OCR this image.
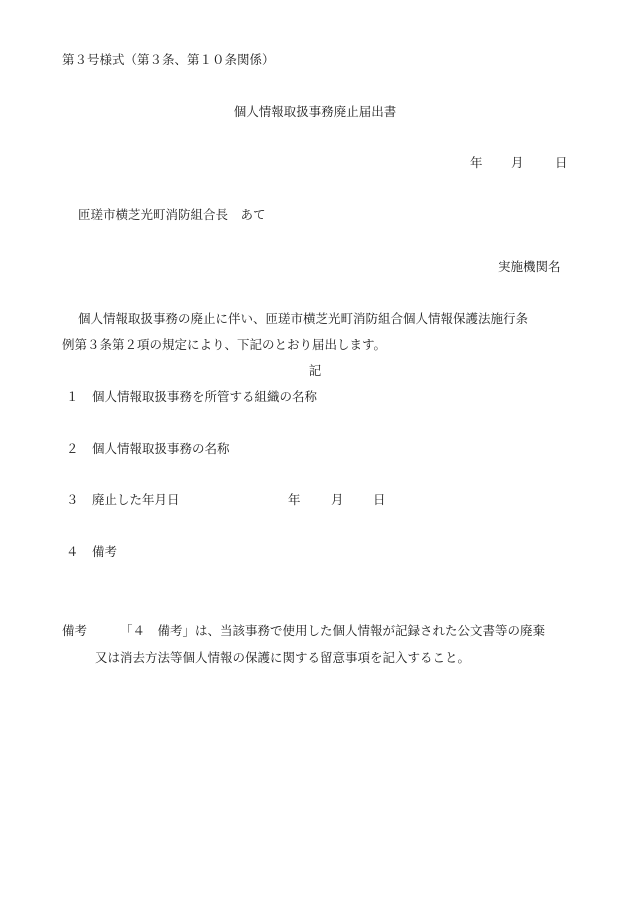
第３号様式（第３条、第１０条関係）

個人情報取扱事務廃止届出書

年 月	日

匝瑳市横芝光町消防組合長　あて

実施機関名

個人情報取扱事務の廃止に伴い、匝瑳市横芝光町消防組合個人情報保護法施行条

例第３条第２項の規定により、下記のとおり届出します。

記

１ 個人情報取扱事務を所管する組織の名称
２ 個人情報取扱事務の名称
３ 廃止した年月日	年 月 日
４ 備考
備考	「４　備考」は、当該事務で使用した個人情報が記録された公文書等の廃棄
又は消去方法等個人情報の保護に関する留意事項を記入すること。
